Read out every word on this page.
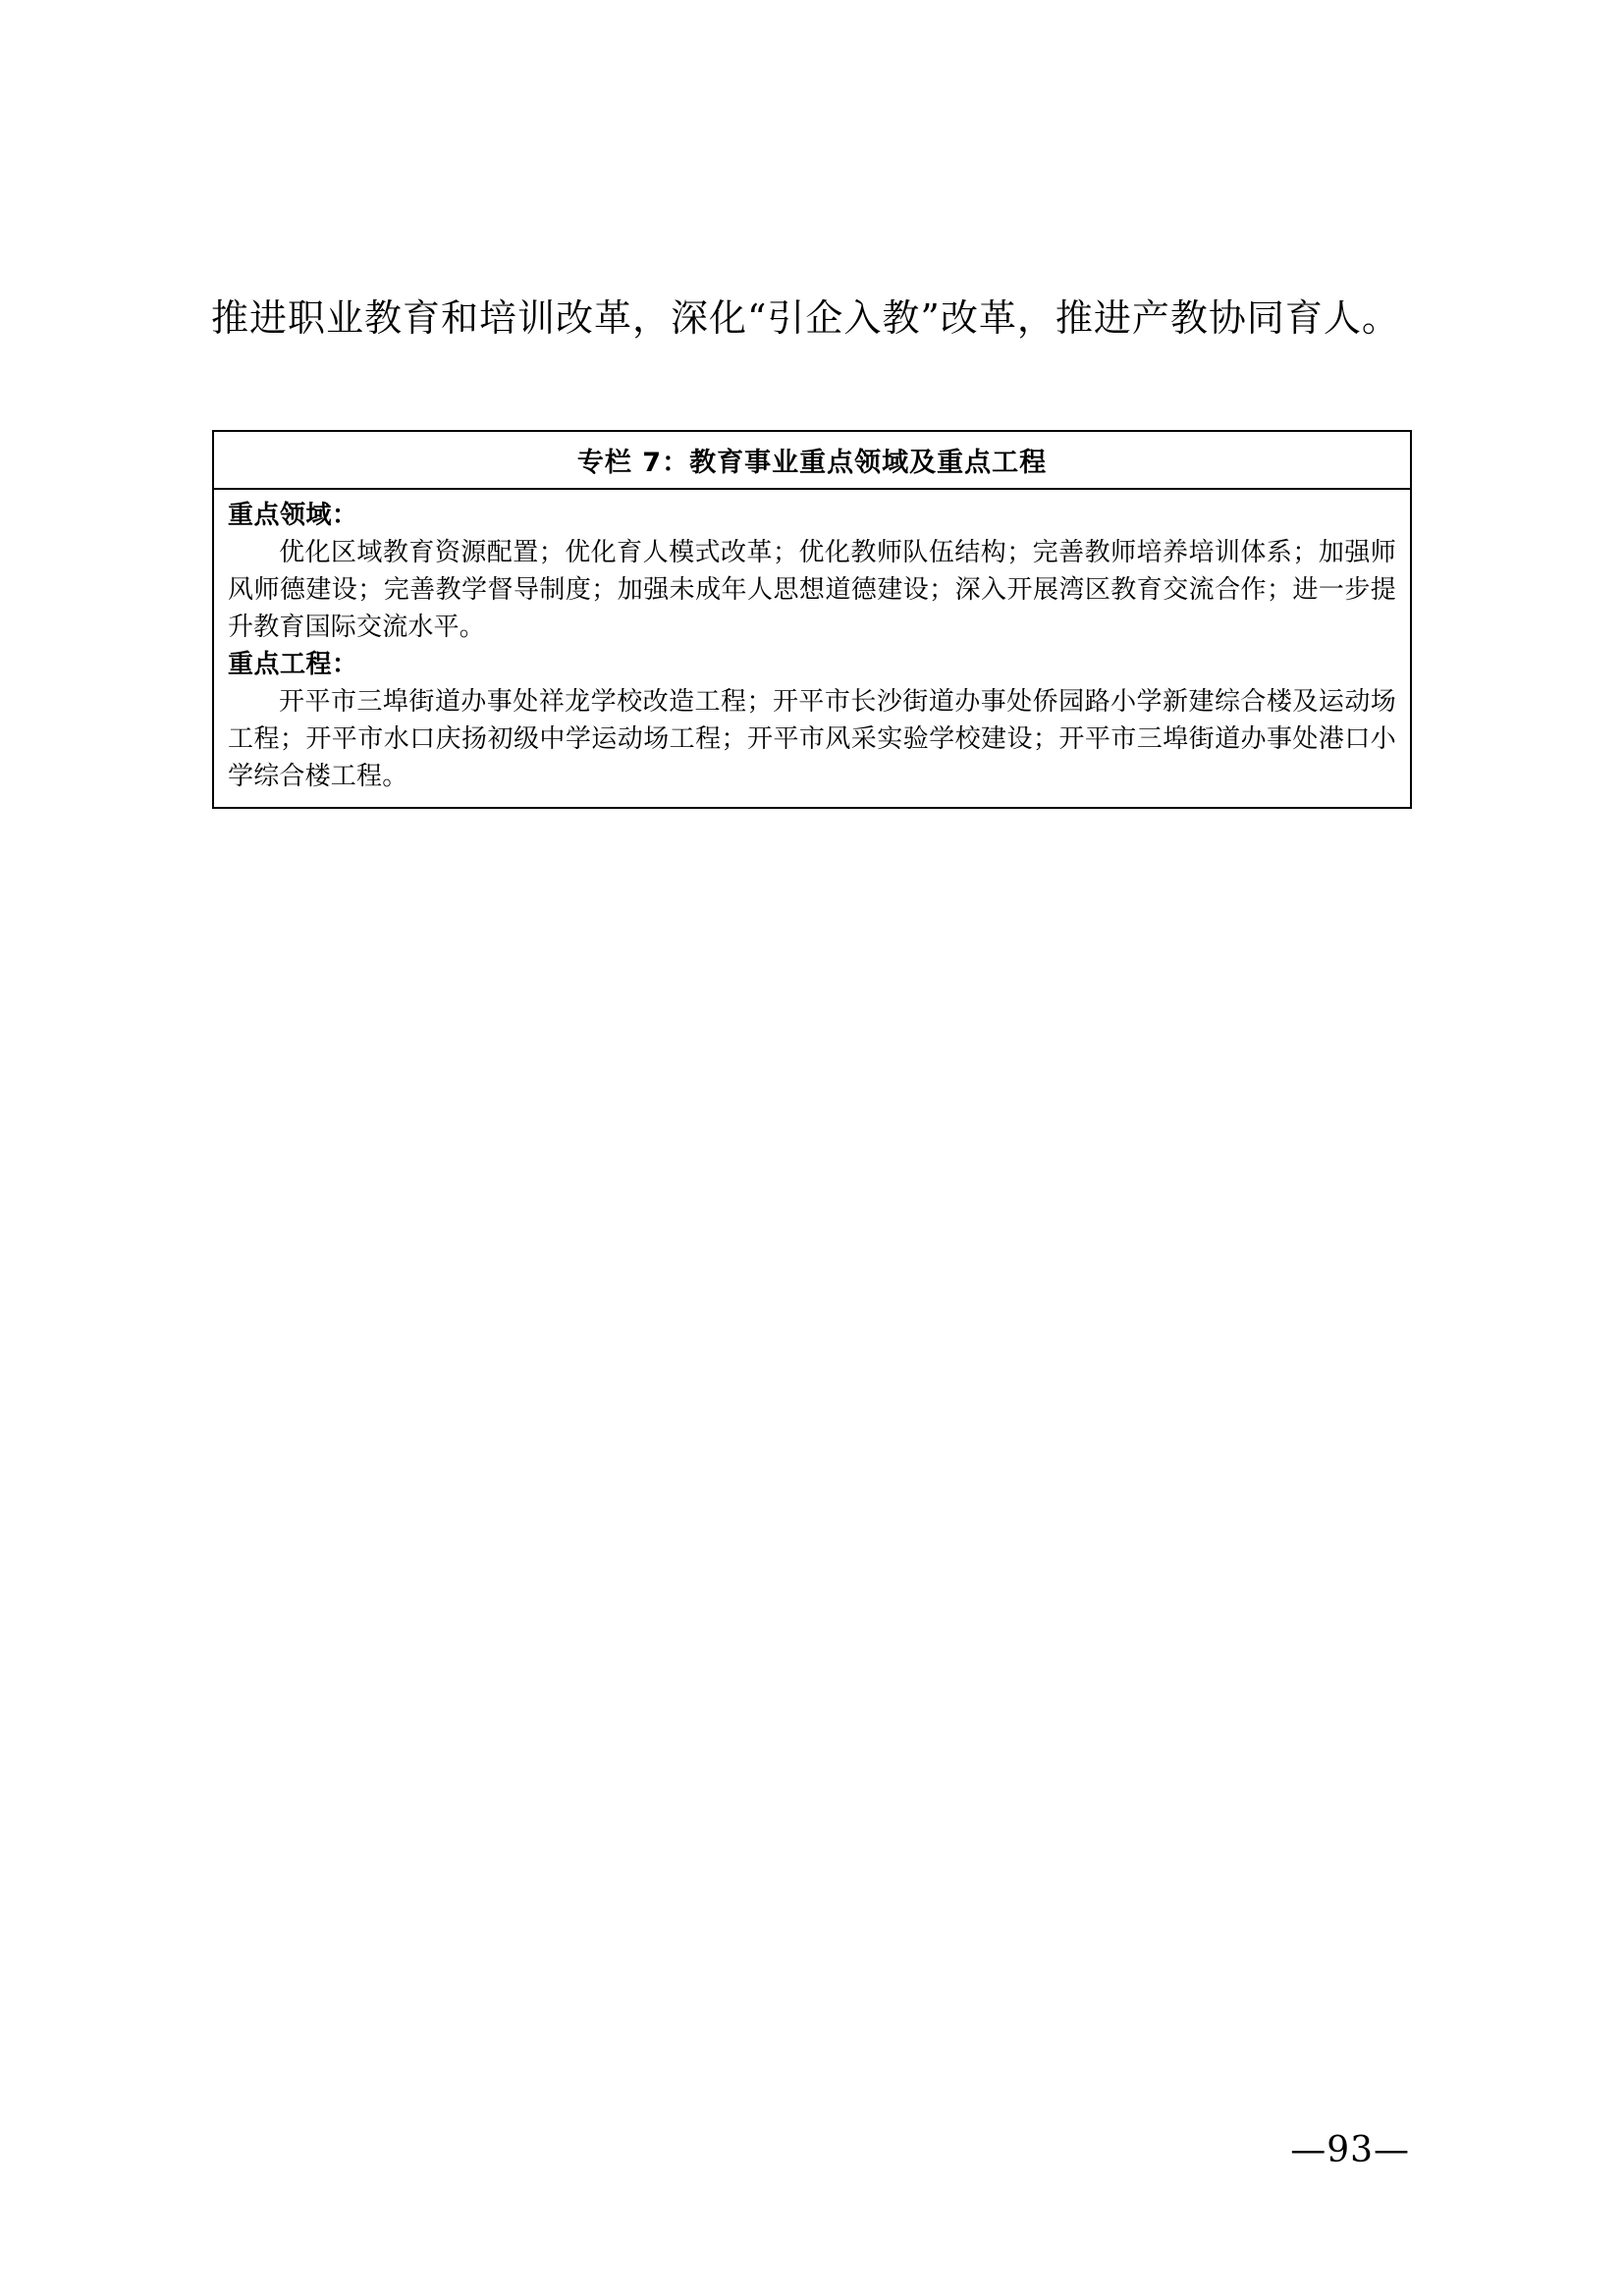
推进职业教育和培训改革，深化“引企入教”改革，推进产教协同育人。
专栏 7：教育事业重点领域及重点工程
重点领域：
优化区域教育资源配置；优化育人模式改革；优化教师队伍结构；完善教师培养培训体系；加强师风师德建设；完善教学督导制度；加强未成年人思想道德建设；深入开展湾区教育交流合作；进一步提升教育国际交流水平。
重点工程：
开平市三埠街道办事处祥龙学校改造工程；开平市长沙街道办事处侨园路小学新建综合楼及运动场工程；开平市水口庆扬初级中学运动场工程；开平市风采实验学校建设；开平市三埠街道办事处港口小学综合楼工程。
—93—
